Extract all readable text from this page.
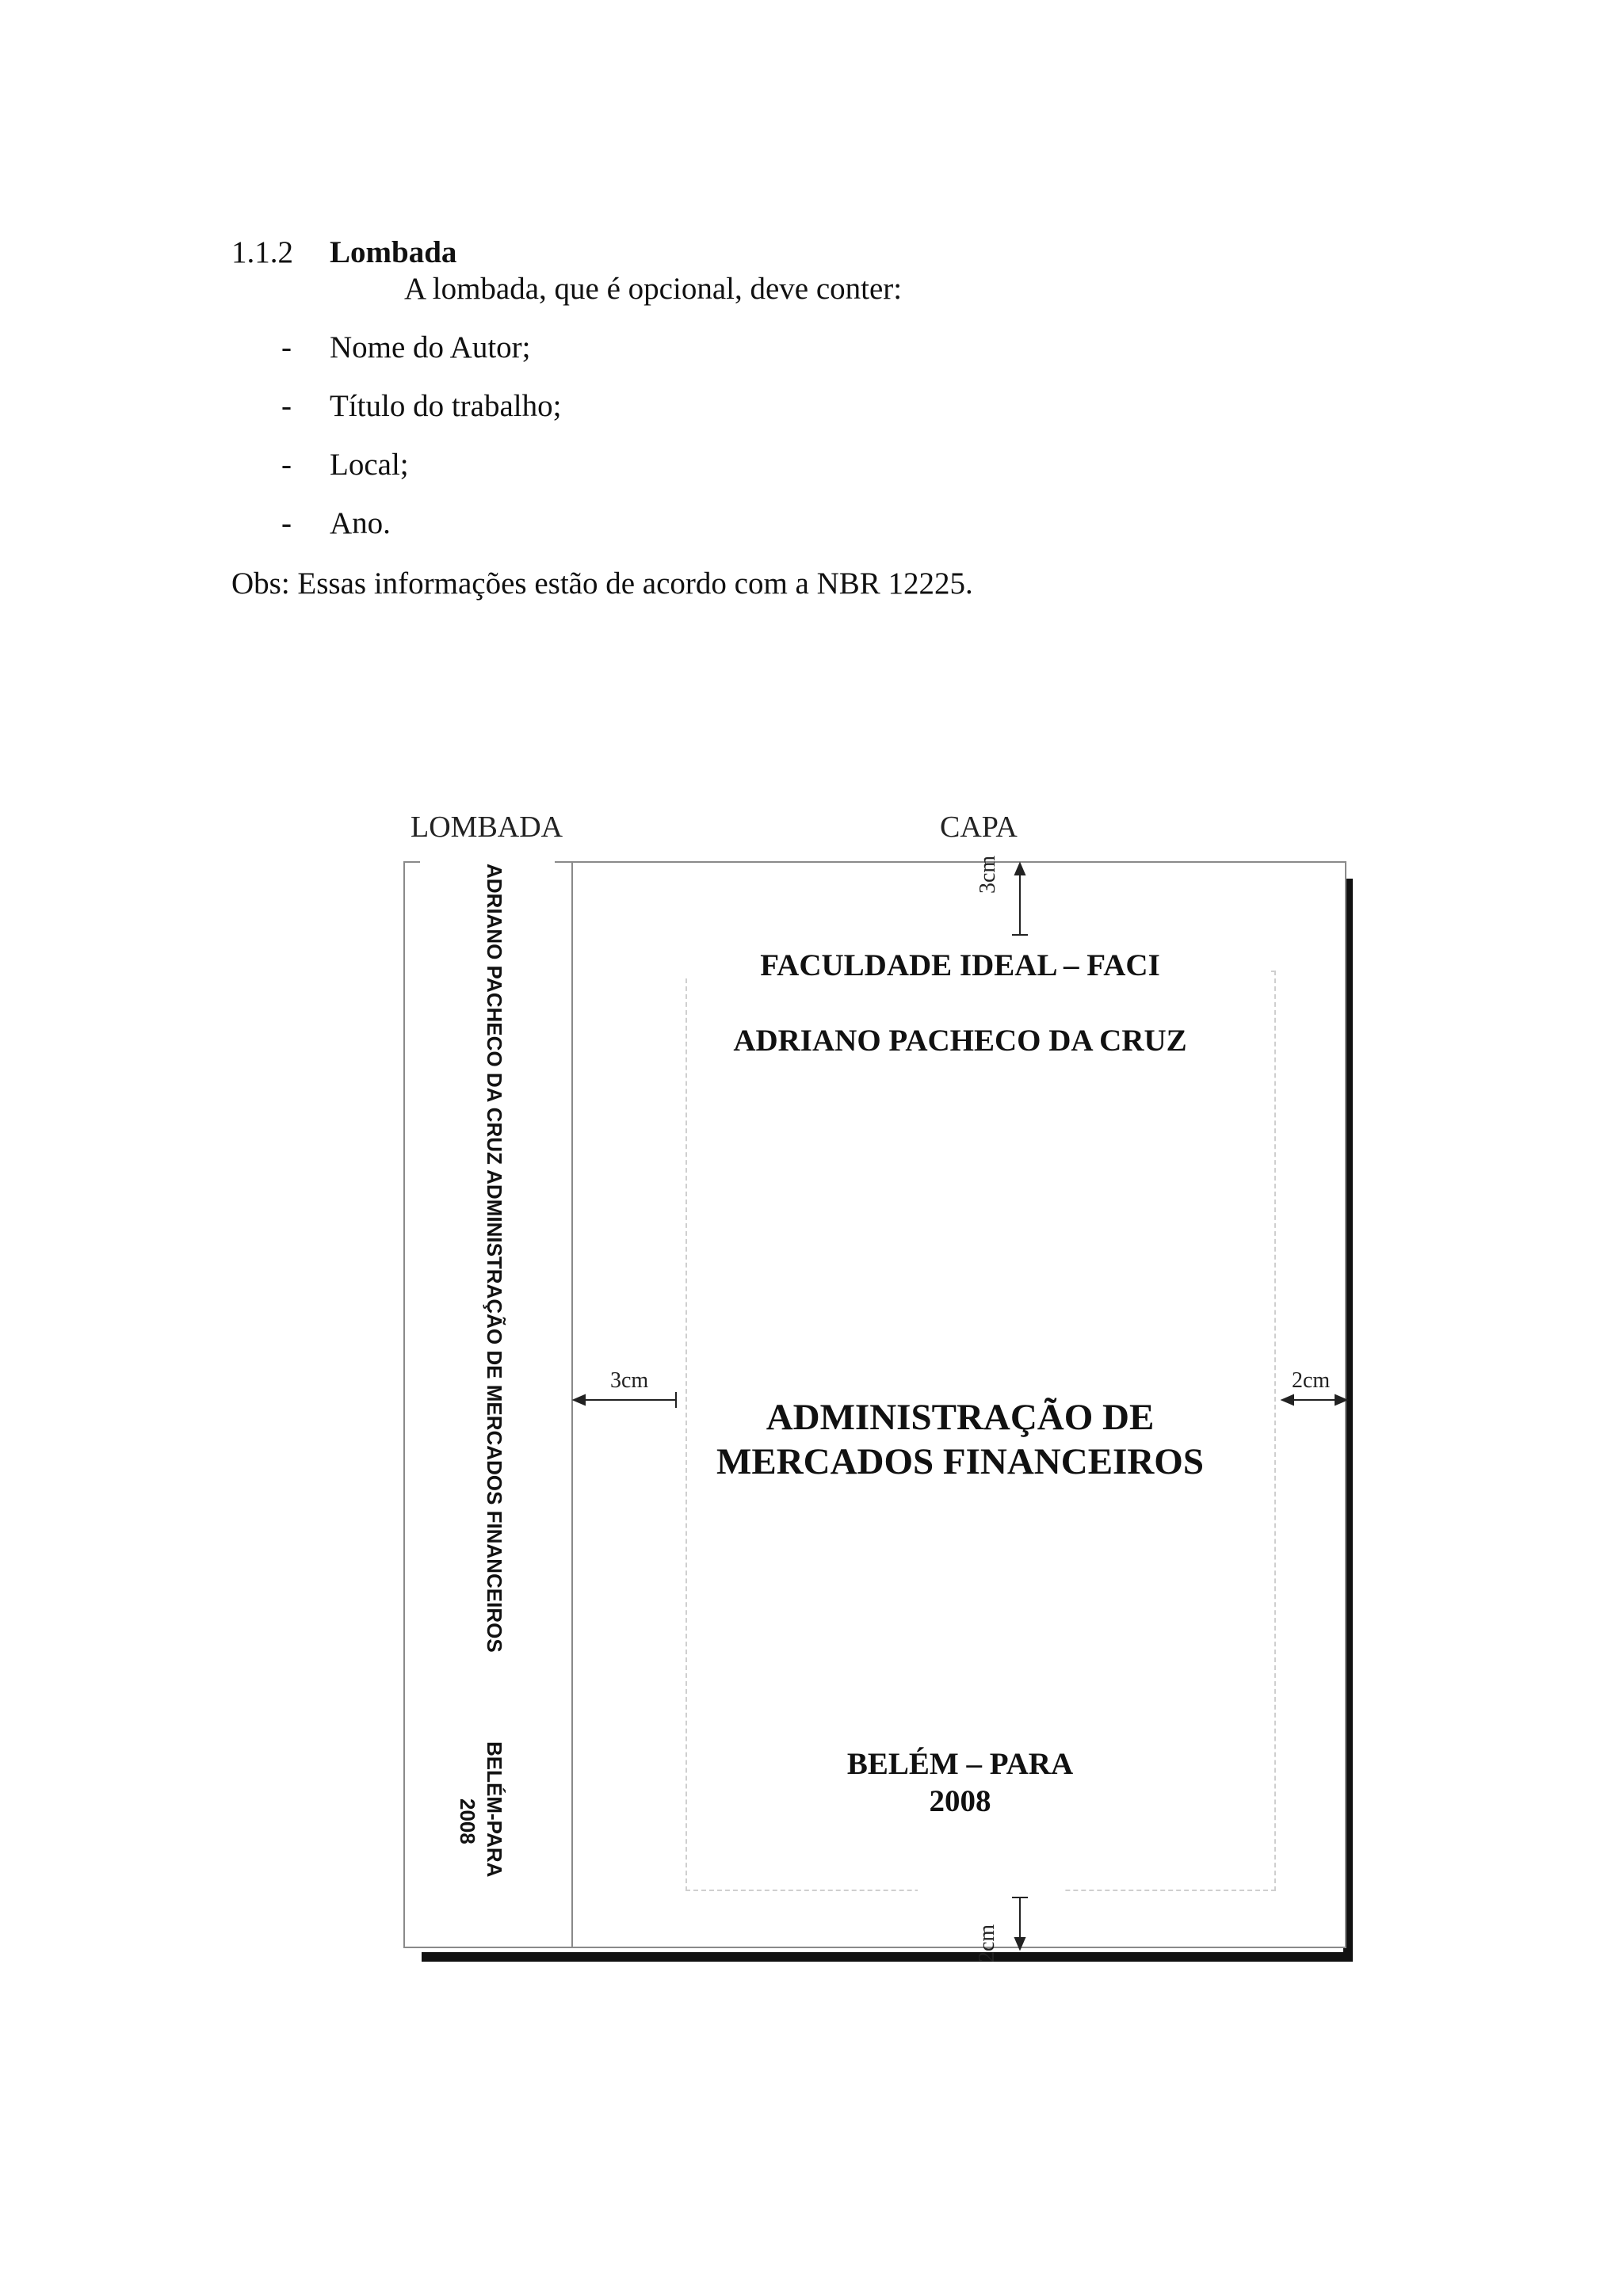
1.1.2 Lombada
A lombada, que é opcional, deve conter:
- Nome do Autor;
- Título do trabalho;
- Local;
- Ano.
Obs: Essas informações estão de acordo com a NBR 12225.
LOMBADA	CAPA
ADRIANO PACHECO DA CRUZ ADMINISTRAÇÃO DE MERCADOS FINANCEIROS
BELÉM-PARA
2008
FACULDADE IDEAL – FACI
ADRIANO PACHECO DA CRUZ
ADMINISTRAÇÃO DE
MERCADOS FINANCEIROS
BELÉM – PARA
2008
3cm
2cm
3cm	2cm
